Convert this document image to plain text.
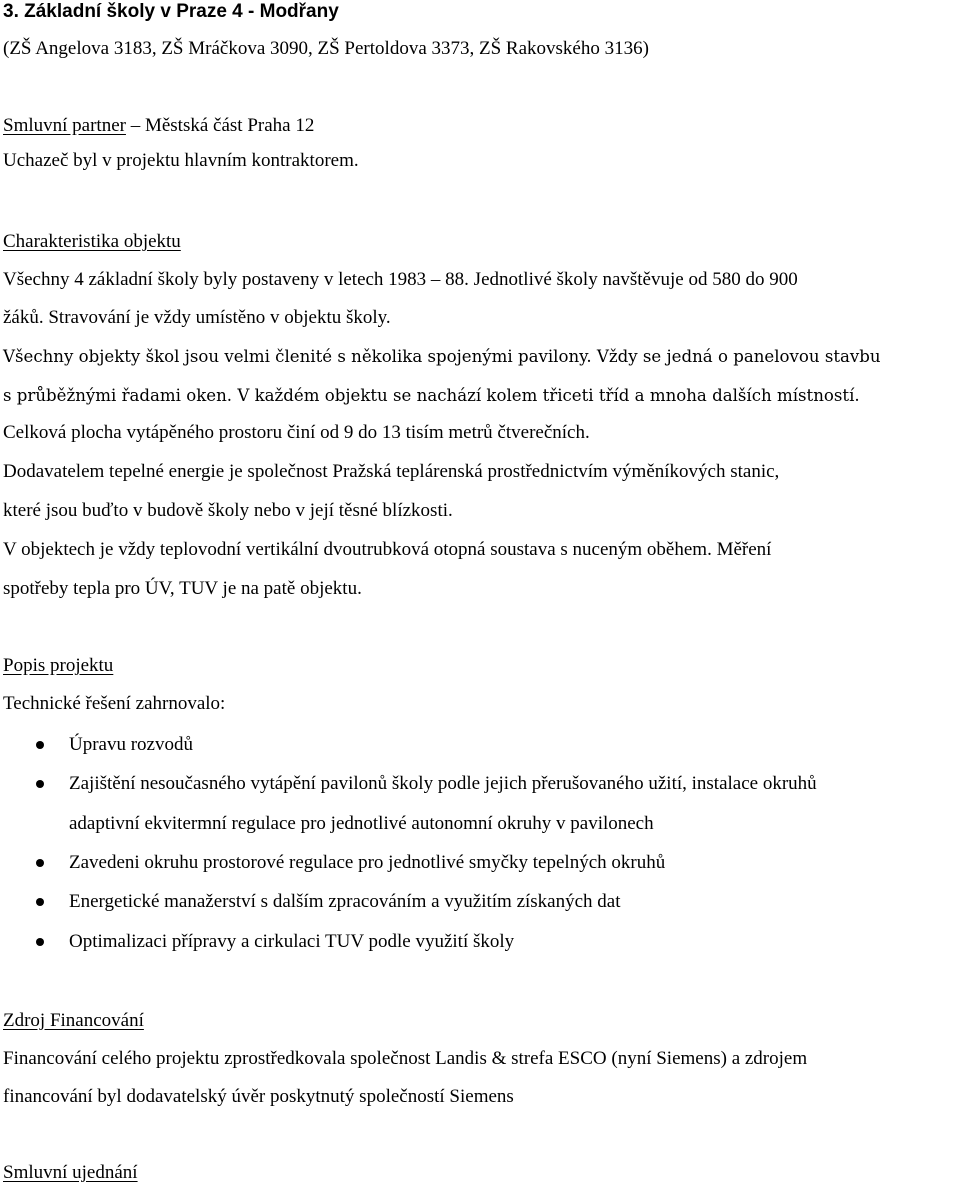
3. Základní školy v Praze 4 - Modřany
(ZŠ Angelova 3183, ZŠ Mráčkova 3090, ZŠ Pertoldova 3373, ZŠ Rakovského 3136)
Smluvní partner – Městská část Praha 12
Uchazeč byl v projektu hlavním kontraktorem.
Charakteristika objektu
Všechny 4 základní školy byly postaveny v letech 1983 – 88. Jednotlivé školy navštěvuje od 580 do 900
žáků. Stravování je vždy umístěno v objektu školy.
Všechny objekty škol jsou velmi členité s několika spojenými pavilony. Vždy se jedná o panelovou stavbu
s průběžnými řadami oken. V každém objektu se nachází kolem třiceti tříd a mnoha dalších místností.
Celková plocha vytápěného prostoru činí od 9 do 13 tisím metrů čtverečních.
Dodavatelem tepelné energie je společnost Pražská teplárenská prostřednictvím výměníkových stanic,
které jsou buďto v budově školy nebo v její těsné blízkosti.
V objektech je vždy teplovodní vertikální dvoutrubková otopná soustava s nuceným oběhem. Měření
spotřeby tepla pro ÚV, TUV je na patě objektu.
Popis projektu
Technické řešení zahrnovalo:
Úpravu rozvodů
Zajištění nesoučasného vytápění pavilonů školy podle jejich přerušovaného užití, instalace okruhů
adaptivní ekvitermní regulace pro jednotlivé autonomní okruhy v pavilonech
Zavedeni okruhu prostorové regulace pro jednotlivé smyčky tepelných okruhů
Energetické manažerství s dalším zpracováním a využitím získaných dat
Optimalizaci přípravy a cirkulaci TUV podle využití školy
Zdroj Financování
Financování celého projektu zprostředkovala společnost Landis & strefa ESCO (nyní Siemens) a zdrojem
financování byl dodavatelský úvěr poskytnutý společností Siemens
Smluvní ujednání
